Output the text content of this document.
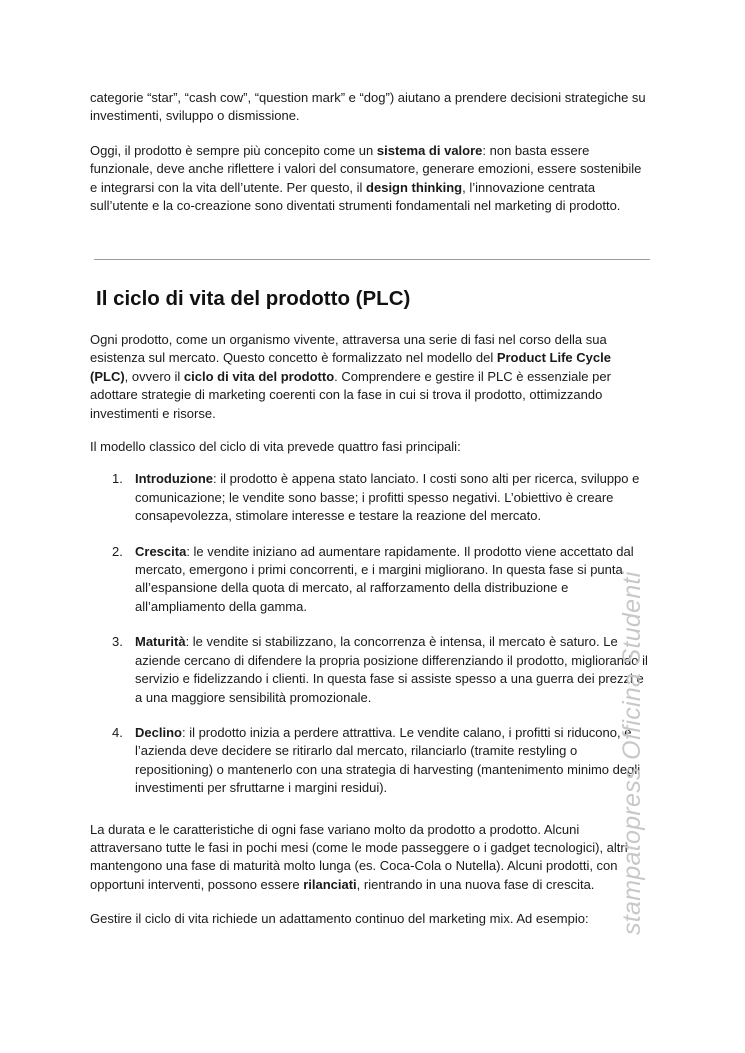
categorie “star”, “cash cow”, “question mark” e “dog”) aiutano a prendere decisioni strategiche su investimenti, sviluppo o dismissione.

Oggi, il prodotto è sempre più concepito come un sistema di valore: non basta essere funzionale, deve anche riflettere i valori del consumatore, generare emozioni, essere sostenibile e integrarsi con la vita dell’utente. Per questo, il design thinking, l’innovazione centrata sull’utente e la co-creazione sono diventati strumenti fondamentali nel marketing di prodotto.

Il ciclo di vita del prodotto (PLC)

Ogni prodotto, come un organismo vivente, attraversa una serie di fasi nel corso della sua esistenza sul mercato. Questo concetto è formalizzato nel modello del Product Life Cycle (PLC), ovvero il ciclo di vita del prodotto. Comprendere e gestire il PLC è essenziale per adottare strategie di marketing coerenti con la fase in cui si trova il prodotto, ottimizzando investimenti e risorse.

Il modello classico del ciclo di vita prevede quattro fasi principali:

1. Introduzione: il prodotto è appena stato lanciato. I costi sono alti per ricerca, sviluppo e comunicazione; le vendite sono basse; i profitti spesso negativi. L’obiettivo è creare consapevolezza, stimolare interesse e testare la reazione del mercato.
2. Crescita: le vendite iniziano ad aumentare rapidamente. Il prodotto viene accettato dal mercato, emergono i primi concorrenti, e i margini migliorano. In questa fase si punta all’espansione della quota di mercato, al rafforzamento della distribuzione e all’ampliamento della gamma.
3. Maturità: le vendite si stabilizzano, la concorrenza è intensa, il mercato è saturo. Le aziende cercano di difendere la propria posizione differenziando il prodotto, migliorando il servizio e fidelizzando i clienti. In questa fase si assiste spesso a una guerra dei prezzi e a una maggiore sensibilità promozionale.
4. Declino: il prodotto inizia a perdere attrattiva. Le vendite calano, i profitti si riducono, e l’azienda deve decidere se ritirarlo dal mercato, rilanciarlo (tramite restyling o repositioning) o mantenerlo con una strategia di harvesting (mantenimento minimo degli investimenti per sfruttarne i margini residui).

La durata e le caratteristiche di ogni fase variano molto da prodotto a prodotto. Alcuni attraversano tutte le fasi in pochi mesi (come le mode passeggere o i gadget tecnologici), altri mantengono una fase di maturità molto lunga (es. Coca-Cola o Nutella). Alcuni prodotti, con opportuni interventi, possono essere rilanciati, rientrando in una nuova fase di crescita.

Gestire il ciclo di vita richiede un adattamento continuo del marketing mix. Ad esempio:	stampatopress Officina Studenti
